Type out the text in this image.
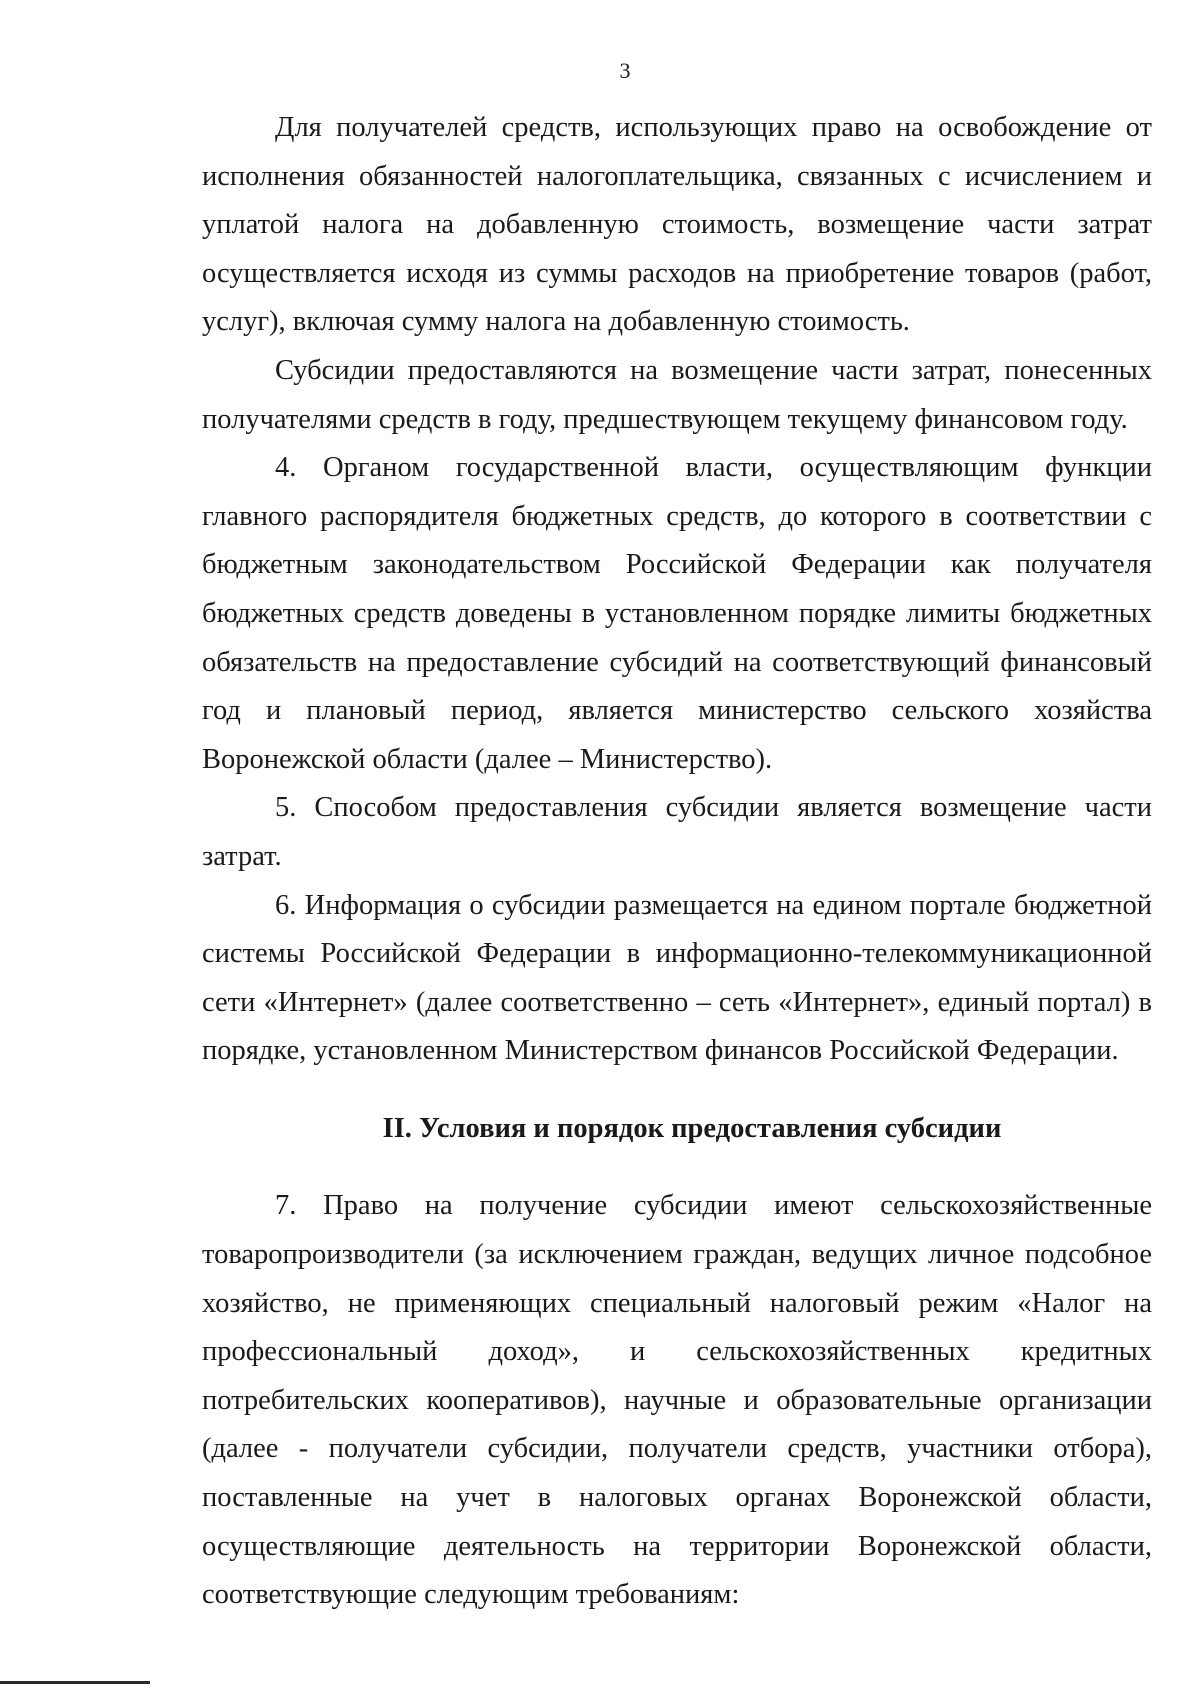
3

Для получателей средств, использующих право на освобождение от исполнения обязанностей налогоплательщика, связанных с исчислением и уплатой налога на добавленную стоимость, возмещение части затрат осуществляется исходя из суммы расходов на приобретение товаров (работ, услуг), включая сумму налога на добавленную стоимость.

Субсидии предоставляются на возмещение части затрат, понесенных получателями средств в году, предшествующем текущему финансовом году.

4. Органом государственной власти, осуществляющим функции главного распорядителя бюджетных средств, до которого в соответствии с бюджетным законодательством Российской Федерации как получателя бюджетных средств доведены в установленном порядке лимиты бюджетных обязательств на предоставление субсидий на соответствующий финансовый год и плановый период, является министерство сельского хозяйства Воронежской области (далее – Министерство).

5. Способом предоставления субсидии является возмещение части затрат.

6. Информация о субсидии размещается на едином портале бюджетной системы Российской Федерации в информационно-телекоммуникационной сети «Интернет» (далее соответственно – сеть «Интернет», единый портал) в порядке, установленном Министерством финансов Российской Федерации.

II. Условия и порядок предоставления субсидии

7. Право на получение субсидии имеют сельскохозяйственные товаропроизводители (за исключением граждан, ведущих личное подсобное хозяйство, не применяющих специальный налоговый режим «Налог на профессиональный доход», и сельскохозяйственных кредитных потребительских кооперативов), научные и образовательные организации (далее - получатели субсидии, получатели средств, участники отбора), поставленные на учет в налоговых органах Воронежской области, осуществляющие деятельность на территории Воронежской области, соответствующие следующим требованиям:
